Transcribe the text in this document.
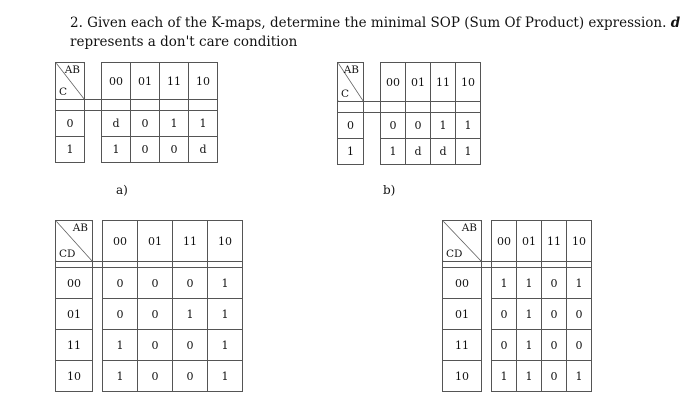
2. Given each of the K-maps, determine the minimal SOP (Sum Of Product) expression. d
represents a don't care condition
AB
C		00	01	11	10

0		d	0	1	1
1		1	0	0	d
a)
AB
C		00	01	11	10

0		0	0	1	1
1		1	d	d	1
b)
AB
CD		00	01	11	10

00		0	0	0	1
01		0	0	1	1
11		1	0	0	1
10		1	0	0	1
AB
CD		00	01	11	10

00		1	1	0	1
01		0	1	0	0
11		0	1	0	0
10		1	1	0	1
